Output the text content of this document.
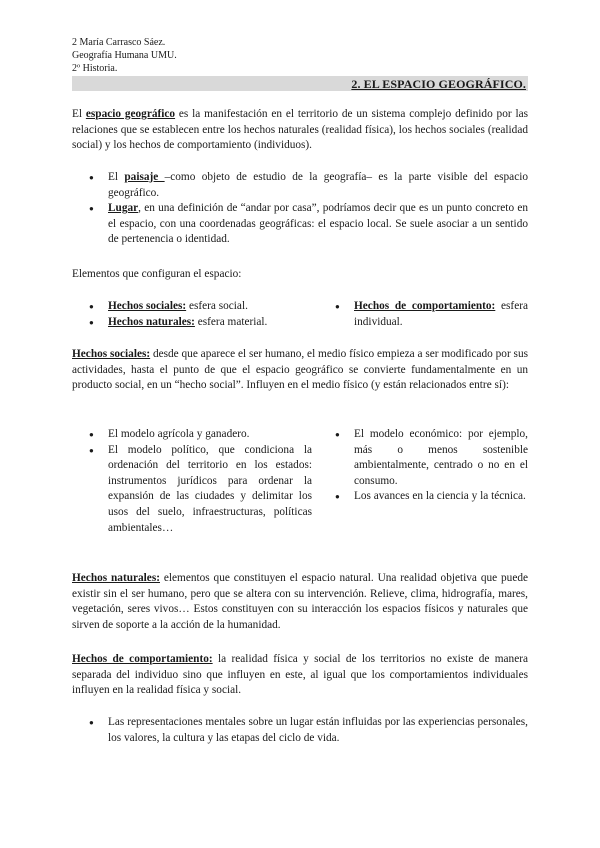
2 María Carrasco Sáez.
Geografía Humana UMU.
2º Historia.
2. EL ESPACIO GEOGRÁFICO.
El espacio geográfico es la manifestación en el territorio de un sistema complejo definido por las relaciones que se establecen entre los hechos naturales (realidad física), los hechos sociales (realidad social) y los hechos de comportamiento (individuos).
● El paisaje –como objeto de estudio de la geografía– es la parte visible del espacio geográfico.
● Lugar, en una definición de “andar por casa”, podríamos decir que es un punto concreto en el espacio, con una coordenadas geográficas: el espacio local. Se suele asociar a un sentido de pertenencia o identidad.
Elementos que configuran el espacio:
● Hechos sociales: esfera social.
● Hechos naturales: esfera material.
● Hechos de comportamiento: esfera individual.
Hechos sociales: desde que aparece el ser humano, el medio físico empieza a ser modificado por sus actividades, hasta el punto de que el espacio geográfico se convierte fundamentalmente en un producto social, en un “hecho social”. Influyen en el medio físico (y están relacionados entre sí):
● El modelo agrícola y ganadero.
● El modelo político, que condiciona la ordenación del territorio en los estados: instrumentos jurídicos para ordenar la expansión de las ciudades y delimitar los usos del suelo, infraestructuras, políticas ambientales…
● El modelo económico: por ejemplo, más o menos sostenible ambientalmente, centrado o no en el consumo.
● Los avances en la ciencia y la técnica.
Hechos naturales: elementos que constituyen el espacio natural. Una realidad objetiva que puede existir sin el ser humano, pero que se altera con su intervención. Relieve, clima, hidrografía, mares, vegetación, seres vivos… Estos constituyen con su interacción los espacios físicos y naturales que sirven de soporte a la acción de la humanidad.
Hechos de comportamiento: la realidad física y social de los territorios no existe de manera separada del individuo sino que influyen en este, al igual que los comportamientos individuales influyen en la realidad física y social.
● Las representaciones mentales sobre un lugar están influidas por las experiencias personales, los valores, la cultura y las etapas del ciclo de vida.
